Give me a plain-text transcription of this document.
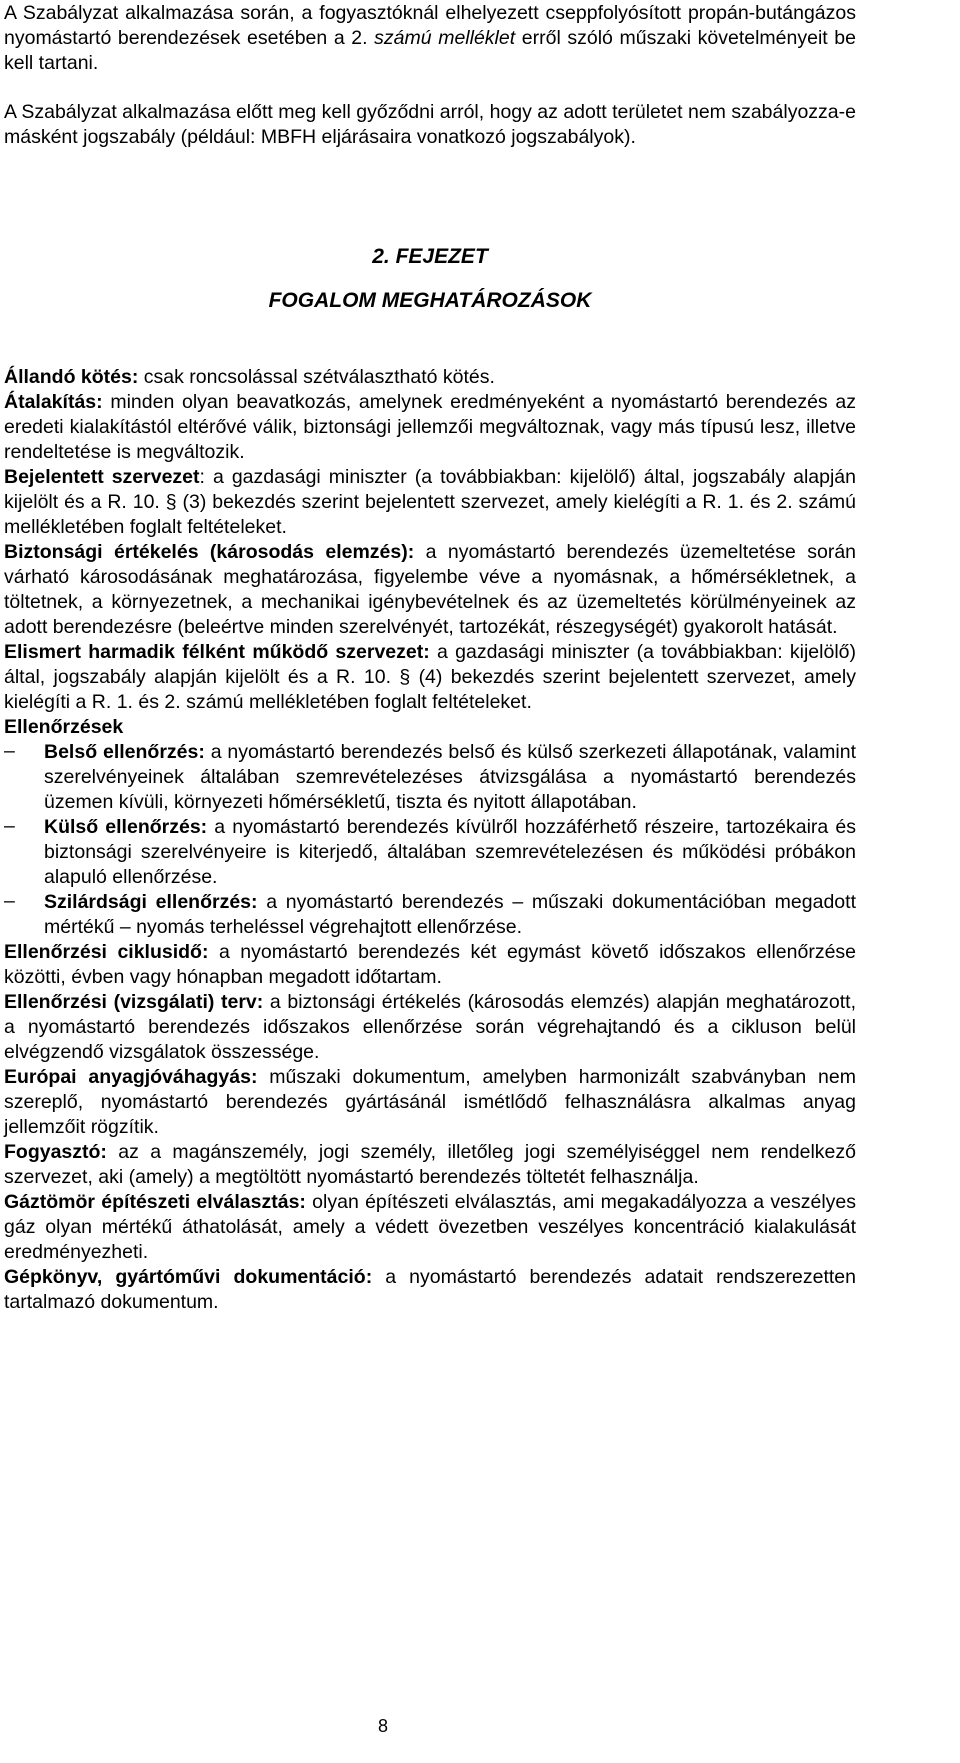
A Szabályzat alkalmazása során, a fogyasztóknál elhelyezett cseppfolyósított propán-butángázos nyomástartó berendezések esetében a 2. számú melléklet erről szóló műszaki követelményeit be kell tartani.

A Szabályzat alkalmazása előtt meg kell győződni arról, hogy az adott területet nem szabályozza-e másként jogszabály (például: MBFH eljárásaira vonatkozó jogszabályok).

2. FEJEZET
FOGALOM MEGHATÁROZÁSOK

Állandó kötés: csak roncsolással szétválasztható kötés.

Átalakítás: minden olyan beavatkozás, amelynek eredményeként a nyomástartó berendezés az eredeti kialakítástól eltérővé válik, biztonsági jellemzői megváltoznak, vagy más típusú lesz, illetve rendeltetése is megváltozik.

Bejelentett szervezet: a gazdasági miniszter (a továbbiakban: kijelölő) által, jogszabály alapján kijelölt és a R. 10. § (3) bekezdés szerint bejelentett szervezet, amely kielégíti a R. 1. és 2. számú mellékletében foglalt feltételeket.

Biztonsági értékelés (károsodás elemzés): a nyomástartó berendezés üzemeltetése során várható károsodásának meghatározása, figyelembe véve a nyomásnak, a hőmérsékletnek, a töltetnek, a környezetnek, a mechanikai igénybevételnek és az üzemeltetés körülményeinek az adott berendezésre (beleértve minden szerelvényét, tartozékát, részegységét) gyakorolt hatását.

Elismert harmadik félként működő szervezet: a gazdasági miniszter (a továbbiakban: kijelölő) által, jogszabály alapján kijelölt és a R. 10. § (4) bekezdés szerint bejelentett szervezet, amely kielégíti a R. 1. és 2. számú mellékletében foglalt feltételeket.

Ellenőrzések

–	Belső ellenőrzés: a nyomástartó berendezés belső és külső szerkezeti állapotának, valamint szerelvényeinek általában szemrevételezéses átvizsgálása a nyomástartó berendezés üzemen kívüli, környezeti hőmérsékletű, tiszta és nyitott állapotában.
–	Külső ellenőrzés: a nyomástartó berendezés kívülről hozzáférhető részeire, tartozékaira és biztonsági szerelvényeire is kiterjedő, általában szemrevételezésen és működési próbákon alapuló ellenőrzése.
–	Szilárdsági ellenőrzés: a nyomástartó berendezés – műszaki dokumentációban megadott mértékű – nyomás terheléssel végrehajtott ellenőrzése.

Ellenőrzési ciklusidő: a nyomástartó berendezés két egymást követő időszakos ellenőrzése közötti, évben vagy hónapban megadott időtartam.

Ellenőrzési (vizsgálati) terv: a biztonsági értékelés (károsodás elemzés) alapján meghatározott, a nyomástartó berendezés időszakos ellenőrzése során végrehajtandó és a cikluson belül elvégzendő vizsgálatok összessége.

Európai anyagjóváhagyás: műszaki dokumentum, amelyben harmonizált szabványban nem szereplő, nyomástartó berendezés gyártásánál ismétlődő felhasználásra alkalmas anyag jellemzőit rögzítik.

Fogyasztó: az a magánszemély, jogi személy, illetőleg jogi személyiséggel nem rendelkező szervezet, aki (amely) a megtöltött nyomástartó berendezés töltetét felhasználja.

Gáztömör építészeti elválasztás: olyan építészeti elválasztás, ami megakadályozza a veszélyes gáz olyan mértékű áthatolását, amely a védett övezetben veszélyes koncentráció kialakulását eredményezheti.

Gépkönyv, gyártóművi dokumentáció: a nyomástartó berendezés adatait rendszerezetten tartalmazó dokumentum.

8
